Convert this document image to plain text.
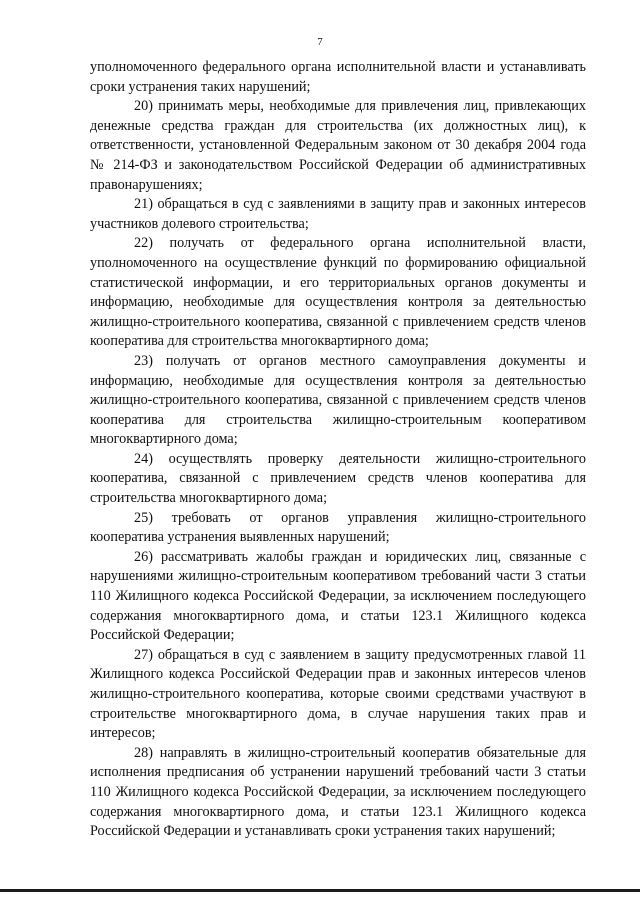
7

уполномоченного федерального органа исполнительной власти и устанавливать сроки устранения таких нарушений;

20) принимать меры, необходимые для привлечения лиц, привлекающих денежные средства граждан для строительства (их должностных лиц), к ответственности, установленной Федеральным законом от 30 декабря 2004 года № 214-ФЗ и законодательством Российской Федерации об административных правонарушениях;

21) обращаться в суд с заявлениями в защиту прав и законных интересов участников долевого строительства;

22) получать от федерального органа исполнительной власти, уполномоченного на осуществление функций по формированию официальной статистической информации, и его территориальных органов документы и информацию, необходимые для осуществления контроля за деятельностью жилищно-строительного кооператива, связанной с привлечением средств членов кооператива для строительства многоквартирного дома;

23) получать от органов местного самоуправления документы и информацию, необходимые для осуществления контроля за деятельностью жилищно-строительного кооператива, связанной с привлечением средств членов кооператива для строительства жилищно-строительным кооперативом многоквартирного дома;

24) осуществлять проверку деятельности жилищно-строительного кооператива, связанной с привлечением средств членов кооператива для строительства многоквартирного дома;

25) требовать от органов управления жилищно-строительного кооператива устранения выявленных нарушений;

26) рассматривать жалобы граждан и юридических лиц, связанные с нарушениями жилищно-строительным кооперативом требований части 3 статьи 110 Жилищного кодекса Российской Федерации, за исключением последующего содержания многоквартирного дома, и статьи 123.1 Жилищного кодекса Российской Федерации;

27) обращаться в суд с заявлением в защиту предусмотренных главой 11 Жилищного кодекса Российской Федерации прав и законных интересов членов жилищно-строительного кооператива, которые своими средствами участвуют в строительстве многоквартирного дома, в случае нарушения таких прав и интересов;

28) направлять в жилищно-строительный кооператив обязательные для исполнения предписания об устранении нарушений требований части 3 статьи 110 Жилищного кодекса Российской Федерации, за исключением последующего содержания многоквартирного дома, и статьи 123.1 Жилищного кодекса Российской Федерации и устанавливать сроки устранения таких нарушений;
